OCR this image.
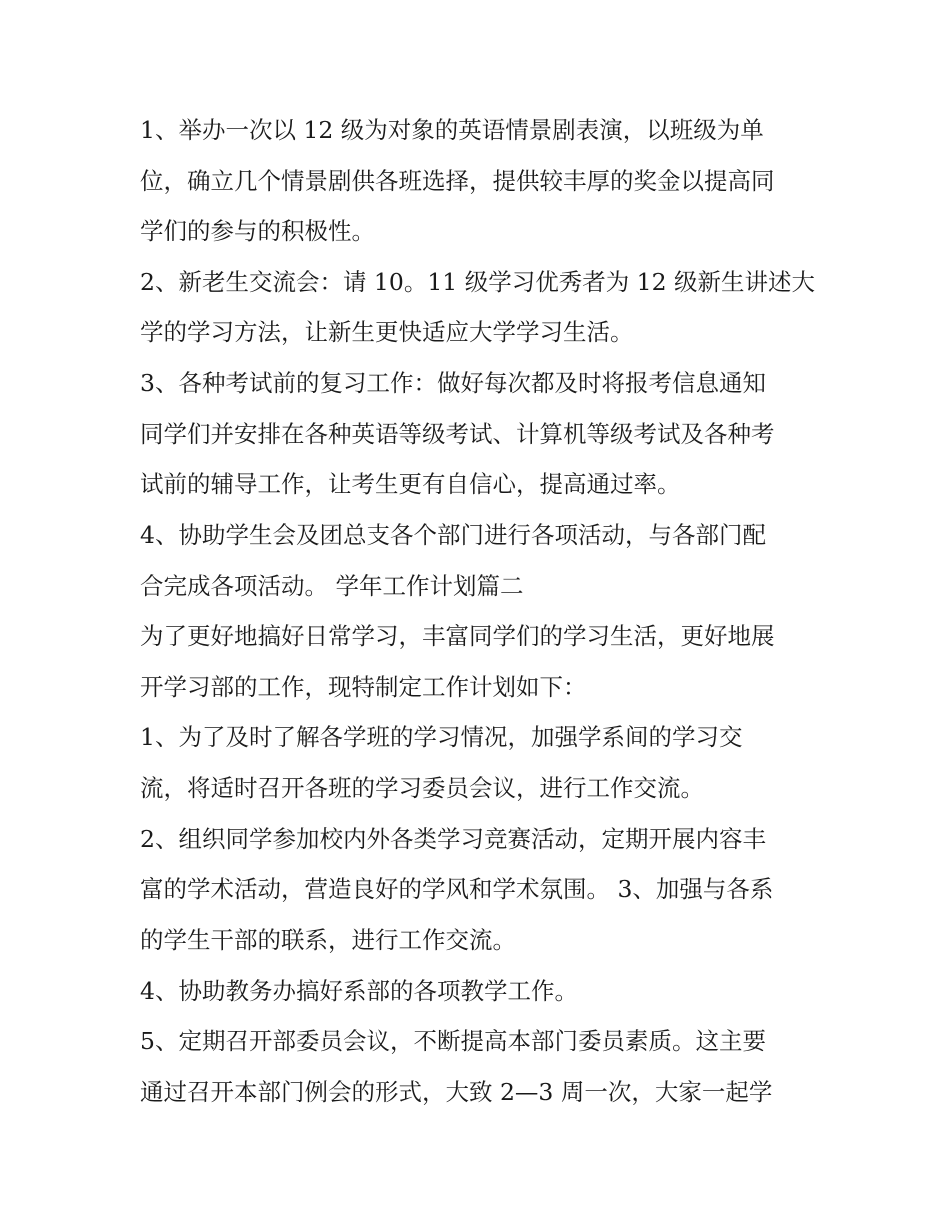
1、举办一次以 12 级为对象的英语情景剧表演，以班级为单

位，确立几个情景剧供各班选择，提供较丰厚的奖金以提高同

学们的参与的积极性。

2、新老生交流会：请 10。11 级学习优秀者为 12 级新生讲述大

学的学习方法，让新生更快适应大学学习生活。

3、各种考试前的复习工作：做好每次都及时将报考信息通知

同学们并安排在各种英语等级考试、计算机等级考试及各种考

试前的辅导工作，让考生更有自信心，提高通过率。

4、协助学生会及团总支各个部门进行各项活动，与各部门配

合完成各项活动。 学年工作计划篇二

为了更好地搞好日常学习，丰富同学们的学习生活，更好地展

开学习部的工作，现特制定工作计划如下：

1、为了及时了解各学班的学习情况，加强学系间的学习交

流，将适时召开各班的学习委员会议，进行工作交流。

2、组织同学参加校内外各类学习竞赛活动，定期开展内容丰

富的学术活动，营造良好的学风和学术氛围。 3、加强与各系

的学生干部的联系，进行工作交流。

4、协助教务办搞好系部的各项教学工作。

5、定期召开部委员会议，不断提高本部门委员素质。这主要

通过召开本部门例会的形式，大致 2—3 周一次，大家一起学
